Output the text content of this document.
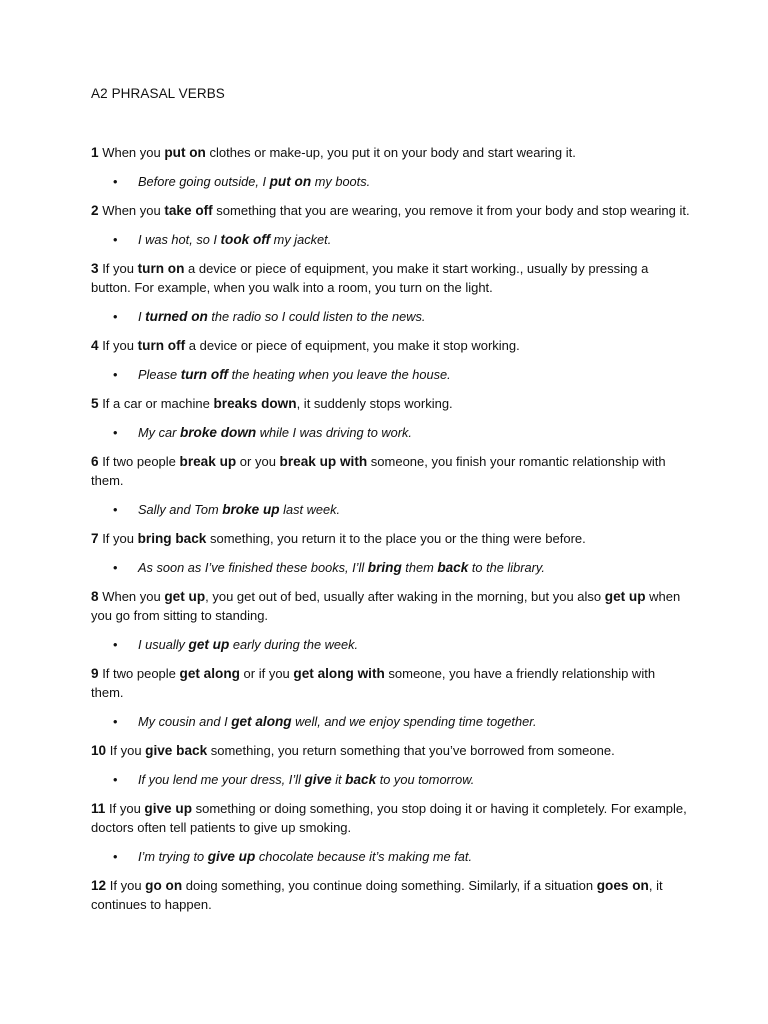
A2 PHRASAL VERBS
1 When you put on clothes or make-up, you put it on your body and start wearing it.
• Before going outside, I put on my boots.
2 When you take off something that you are wearing, you remove it from your body and stop wearing it.
• I was hot, so I took off my jacket.
3 If you turn on a device or piece of equipment, you make it start working., usually by pressing a button. For example, when you walk into a room, you turn on the light.
• I turned on the radio so I could listen to the news.
4 If you turn off a device or piece of equipment, you make it stop working.
• Please turn off the heating when you leave the house.
5 If a car or machine breaks down, it suddenly stops working.
• My car broke down while I was driving to work.
6 If two people break up or you break up with someone, you finish your romantic relationship with them.
• Sally and Tom broke up last week.
7 If you bring back something, you return it to the place you or the thing were before.
• As soon as I’ve finished these books, I’ll bring them back to the library.
8 When you get up, you get out of bed, usually after waking in the morning, but you also get up when you go from sitting to standing.
• I usually get up early during the week.
9 If two people get along or if you get along with someone, you have a friendly relationship with them.
• My cousin and I get along well, and we enjoy spending time together.
10 If you give back something, you return something that you’ve borrowed from someone.
• If you lend me your dress, I’ll give it back to you tomorrow.
11 If you give up something or doing something, you stop doing it or having it completely. For example, doctors often tell patients to give up smoking.
• I’m trying to give up chocolate because it’s making me fat.
12 If you go on doing something, you continue doing something. Similarly, if a situation goes on, it continues to happen.
